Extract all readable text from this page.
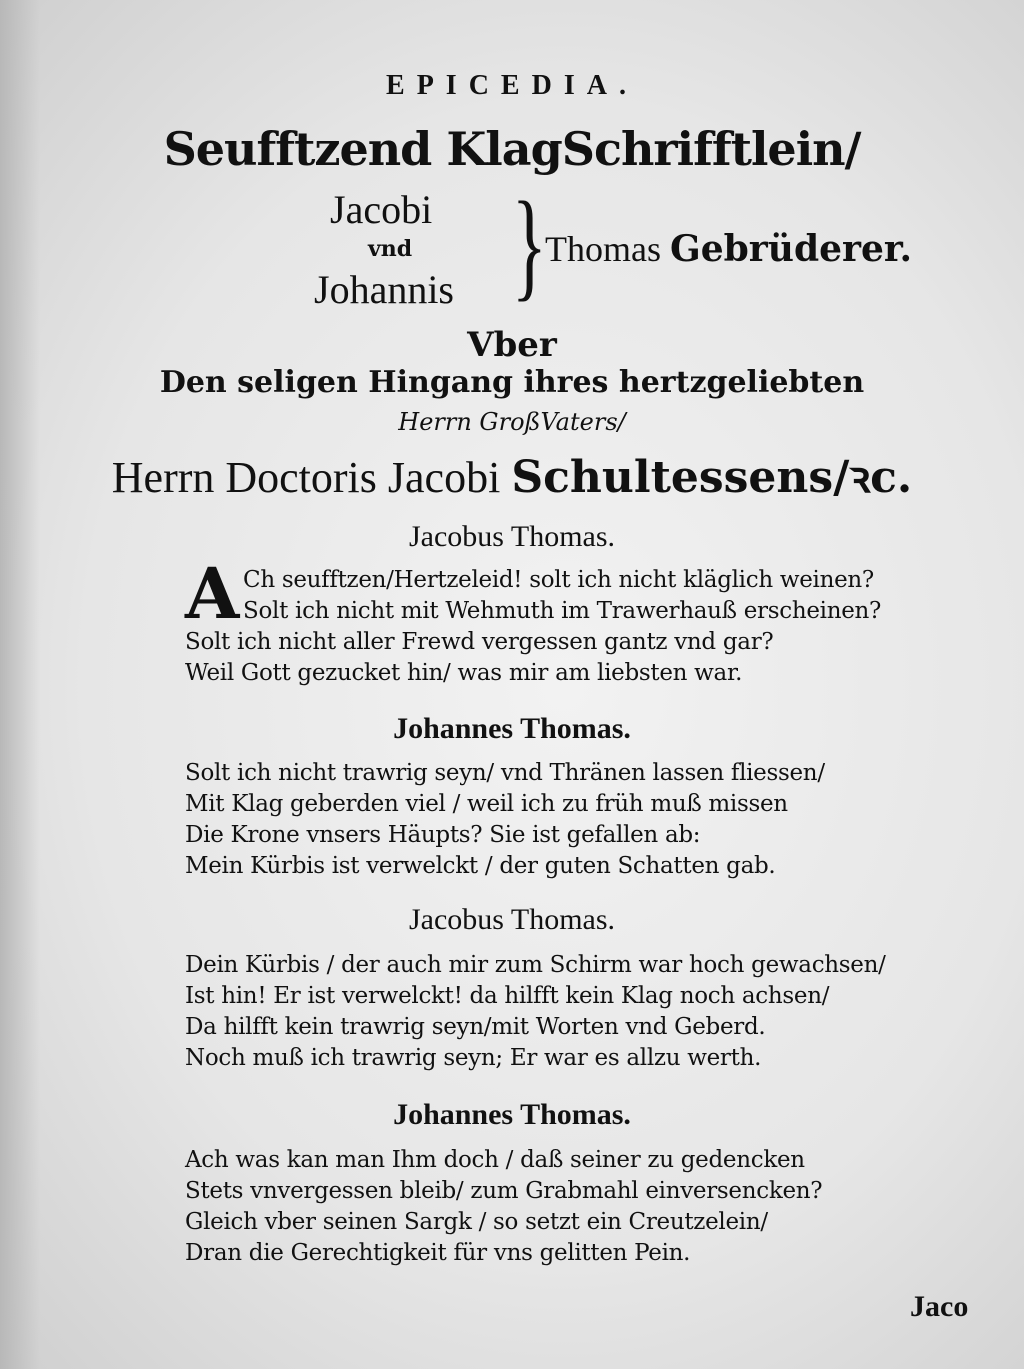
EPICEDIA.
Seufftzend KlagSchrifftlein/
Jacobi
vnd
Johannis }
Thomas Gebrüderer.
Vber
Den seligen Hingang ihres hertzgeliebten
Herrn GroßVaters/
Herrn Doctoris Jacobi Schultessens/ꝛc.
Jacobus Thomas.
A Ch seufftzen/Hertzeleid! solt ich nicht kläglich weinen?
Solt ich nicht mit Wehmuth im Trawerhauß erscheinen?
Solt ich nicht aller Frewd vergessen gantz vnd gar?
Weil Gott gezucket hin/ was mir am liebsten war.
Johannes Thomas.
Solt ich nicht trawrig seyn/ vnd Thränen lassen fliessen/
Mit Klag geberden viel / weil ich zu früh muß missen
Die Krone vnsers Häupts? Sie ist gefallen ab:
Mein Kürbis ist verwelckt / der guten Schatten gab.
Jacobus Thomas.
Dein Kürbis / der auch mir zum Schirm war hoch gewachsen/
Ist hin! Er ist verwelckt! da hilfft kein Klag noch achsen/
Da hilfft kein trawrig seyn/mit Worten vnd Geberd.
Noch muß ich trawrig seyn; Er war es allzu werth.
Johannes Thomas.
Ach was kan man Ihm doch / daß seiner zu gedencken
Stets vnvergessen bleib/ zum Grabmahl einversencken?
Gleich vber seinen Sargk / so setzt ein Creutzelein/
Dran die Gerechtigkeit für vns gelitten Pein.
Jaco
